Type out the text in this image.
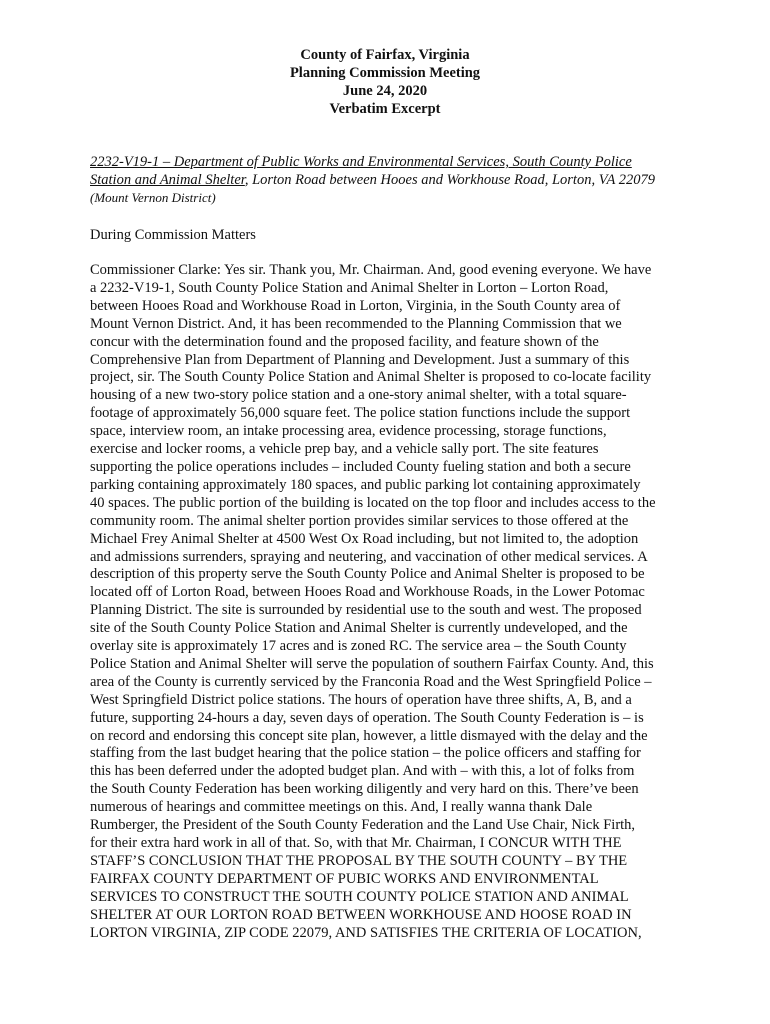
County of Fairfax, Virginia
Planning Commission Meeting
June 24, 2020
Verbatim Excerpt
2232-V19-1 – Department of Public Works and Environmental Services, South County Police
Station and Animal Shelter, Lorton Road between Hooes and Workhouse Road, Lorton, VA 22079
(Mount Vernon District)
During Commission Matters
Commissioner Clarke: Yes sir. Thank you, Mr. Chairman. And, good evening everyone. We have
a 2232-V19-1, South County Police Station and Animal Shelter in Lorton – Lorton Road,
between Hooes Road and Workhouse Road in Lorton, Virginia, in the South County area of
Mount Vernon District. And, it has been recommended to the Planning Commission that we
concur with the determination found and the proposed facility, and feature shown of the
Comprehensive Plan from Department of Planning and Development. Just a summary of this
project, sir. The South County Police Station and Animal Shelter is proposed to co-locate facility
housing of a new two-story police station and a one-story animal shelter, with a total square-
footage of approximately 56,000 square feet. The police station functions include the support
space, interview room, an intake processing area, evidence processing, storage functions,
exercise and locker rooms, a vehicle prep bay, and a vehicle sally port. The site features
supporting the police operations includes – included County fueling station and both a secure
parking containing approximately 180 spaces, and public parking lot containing approximately
40 spaces. The public portion of the building is located on the top floor and includes access to the
community room. The animal shelter portion provides similar services to those offered at the
Michael Frey Animal Shelter at 4500 West Ox Road including, but not limited to, the adoption
and admissions surrenders, spraying and neutering, and vaccination of other medical services. A
description of this property serve the South County Police and Animal Shelter is proposed to be
located off of Lorton Road, between Hooes Road and Workhouse Roads, in the Lower Potomac
Planning District. The site is surrounded by residential use to the south and west. The proposed
site of the South County Police Station and Animal Shelter is currently undeveloped, and the
overlay site is approximately 17 acres and is zoned RC. The service area – the South County
Police Station and Animal Shelter will serve the population of southern Fairfax County. And, this
area of the County is currently serviced by the Franconia Road and the West Springfield Police –
West Springfield District police stations. The hours of operation have three shifts, A, B, and a
future, supporting 24-hours a day, seven days of operation. The South County Federation is – is
on record and endorsing this concept site plan, however, a little dismayed with the delay and the
staffing from the last budget hearing that the police station – the police officers and staffing for
this has been deferred under the adopted budget plan. And with – with this, a lot of folks from
the South County Federation has been working diligently and very hard on this. There’ve been
numerous of hearings and committee meetings on this. And, I really wanna thank Dale
Rumberger, the President of the South County Federation and the Land Use Chair, Nick Firth,
for their extra hard work in all of that. So, with that Mr. Chairman, I CONCUR WITH THE
STAFF’S CONCLUSION THAT THE PROPOSAL BY THE SOUTH COUNTY – BY THE
FAIRFAX COUNTY DEPARTMENT OF PUBIC WORKS AND ENVIRONMENTAL
SERVICES TO CONSTRUCT THE SOUTH COUNTY POLICE STATION AND ANIMAL
SHELTER AT OUR LORTON ROAD BETWEEN WORKHOUSE AND HOOSE ROAD IN
LORTON VIRGINIA, ZIP CODE 22079, AND SATISFIES THE CRITERIA OF LOCATION,
